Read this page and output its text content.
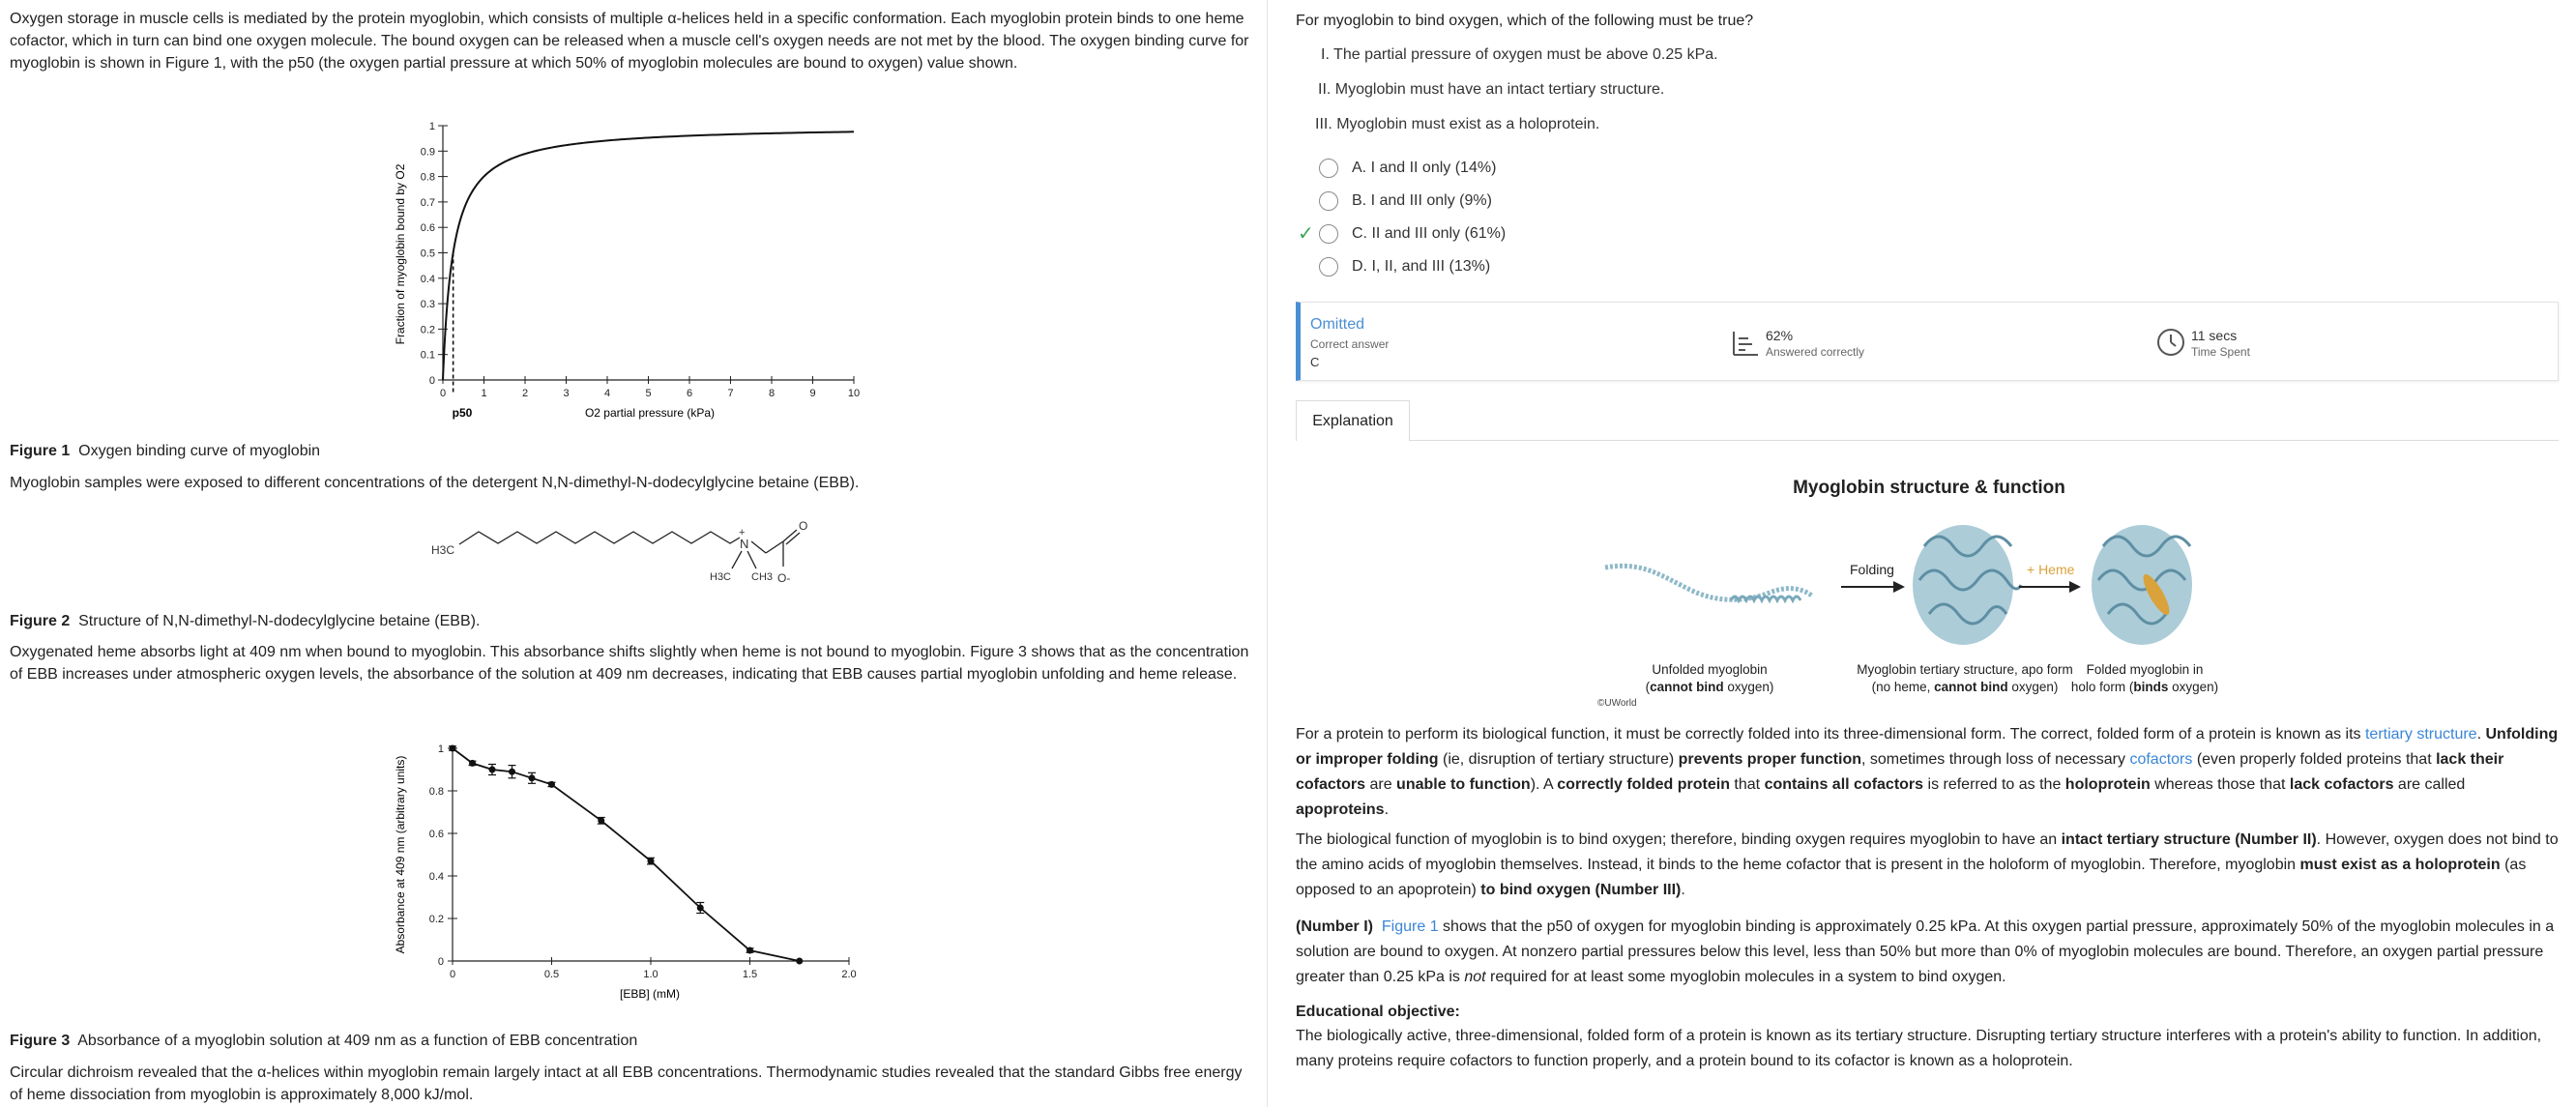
Oxygen storage in muscle cells is mediated by the protein myoglobin, which consists of multiple α-helices held in a specific conformation. Each myoglobin protein binds to one heme cofactor, which in turn can bind one oxygen molecule. The bound oxygen can be released when a muscle cell's oxygen needs are not met by the blood. The oxygen binding curve for myoglobin is shown in Figure 1, with the p50 (the oxygen partial pressure at which 50% of myoglobin molecules are bound to oxygen) value shown.
0
0.1
0.2
0.3
0.4
0.5
0.6
0.7
0.8
0.9
1
0	1	2	3	4	5	6	7	8	9	10
Fraction of myoglobin bound by O2
O2 partial pressure (kPa)
p50
Figure 1 Oxygen binding curve of myoglobin
Myoglobin samples were exposed to different concentrations of the detergent N,N-dimethyl-N-dodecylglycine betaine (EBB).
H3C	N
+	O
O-
H3C CH3
Figure 2 Structure of N,N-dimethyl-N-dodecylglycine betaine (EBB).
Oxygenated heme absorbs light at 409 nm when bound to myoglobin. This absorbance shifts slightly when heme is not bound to myoglobin. Figure 3 shows that as the concentration of EBB increases under atmospheric oxygen levels, the absorbance of the solution at 409 nm decreases, indicating that EBB causes partial myoglobin unfolding and heme release.
0
0.2
0.4
0.6
0.8
1
0	0.5	1.0	1.5	2.0
Absorbance at 409 nm (arbitrary units)
[EBB] (mM)
Figure 3 Absorbance of a myoglobin solution at 409 nm as a function of EBB concentration
Circular dichroism revealed that the α-helices within myoglobin remain largely intact at all EBB concentrations. Thermodynamic studies revealed that the standard Gibbs free energy of heme dissociation from myoglobin is approximately 8,000 kJ/mol.
For myoglobin to bind oxygen, which of the following must be true?
I. The partial pressure of oxygen must be above 0.25 kPa.
II. Myoglobin must have an intact tertiary structure.
III. Myoglobin must exist as a holoprotein.
A. I and II only (14%)
B. I and III only (9%)
✓ C. II and III only (61%)
D. I, II, and III (13%)
Omitted
Correct answer
C
62%
Answered correctly
11 secs
Time Spent
Explanation
Myoglobin structure & function
©UWorld
Folding	+ Heme
Unfolded myoglobin
(cannot bind oxygen)
Myoglobin tertiary structure, apo form
(no heme, cannot bind oxygen)
Folded myoglobin in
holo form (binds oxygen)
For a protein to perform its biological function, it must be correctly folded into its three-dimensional form. The correct, folded form of a protein is known as its tertiary structure. Unfolding or improper folding (ie, disruption of tertiary structure) prevents proper function, sometimes through loss of necessary cofactors (even properly folded proteins that lack their cofactors are unable to function). A correctly folded protein that contains all cofactors is referred to as the holoprotein whereas those that lack cofactors are called apoproteins.
The biological function of myoglobin is to bind oxygen; therefore, binding oxygen requires myoglobin to have an intact tertiary structure (Number II). However, oxygen does not bind to the amino acids of myoglobin themselves. Instead, it binds to the heme cofactor that is present in the holoform of myoglobin. Therefore, myoglobin must exist as a holoprotein (as opposed to an apoprotein) to bind oxygen (Number III).
(Number I) Figure 1 shows that the p50 of oxygen for myoglobin binding is approximately 0.25 kPa. At this oxygen partial pressure, approximately 50% of the myoglobin molecules in a solution are bound to oxygen. At nonzero partial pressures below this level, less than 50% but more than 0% of myoglobin molecules are bound. Therefore, an oxygen partial pressure greater than 0.25 kPa is not required for at least some myoglobin molecules in a system to bind oxygen.
Educational objective:
The biologically active, three-dimensional, folded form of a protein is known as its tertiary structure. Disrupting tertiary structure interferes with a protein's ability to function. In addition, many proteins require cofactors to function properly, and a protein bound to its cofactor is known as a holoprotein.
